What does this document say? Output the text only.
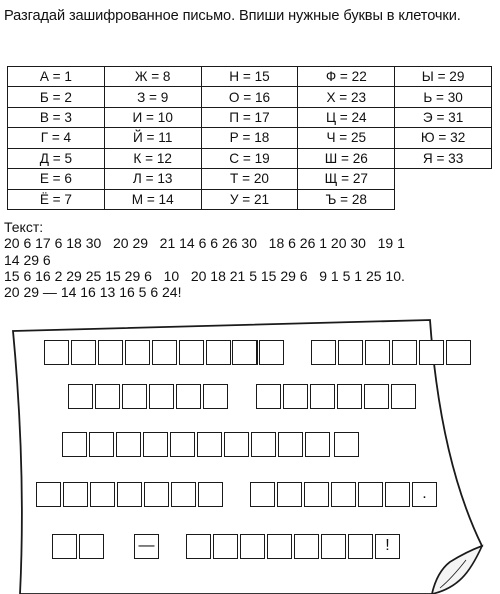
Разгадай зашифрованное письмо. Впиши нужные буквы в клеточки.
А = 1	Ж = 8	Н = 15	Ф = 22	Ы = 29
Б = 2	З = 9	О = 16	Х = 23	Ь = 30
В = 3	И = 10	П = 17	Ц = 24	Э = 31
Г = 4	Й = 11	Р = 18	Ч = 25	Ю = 32
Д = 5	К = 12	С = 19	Ш = 26	Я = 33
Е = 6	Л = 13	Т = 20	Щ = 27	
Ё = 7	М = 14	У = 21	Ъ = 28	
Текст:
20 6 17 6 18 30   20 29   21 14 6 6 26 30   18 6 26 1 20 30   19 1
14 29 6
15 6 16 2 29 25 15 29 6   10   20 18 21 5 15 29 6   9 1 5 1 25 10.
20 29 — 14 16 13 16 5 6 24!
.
—	!
